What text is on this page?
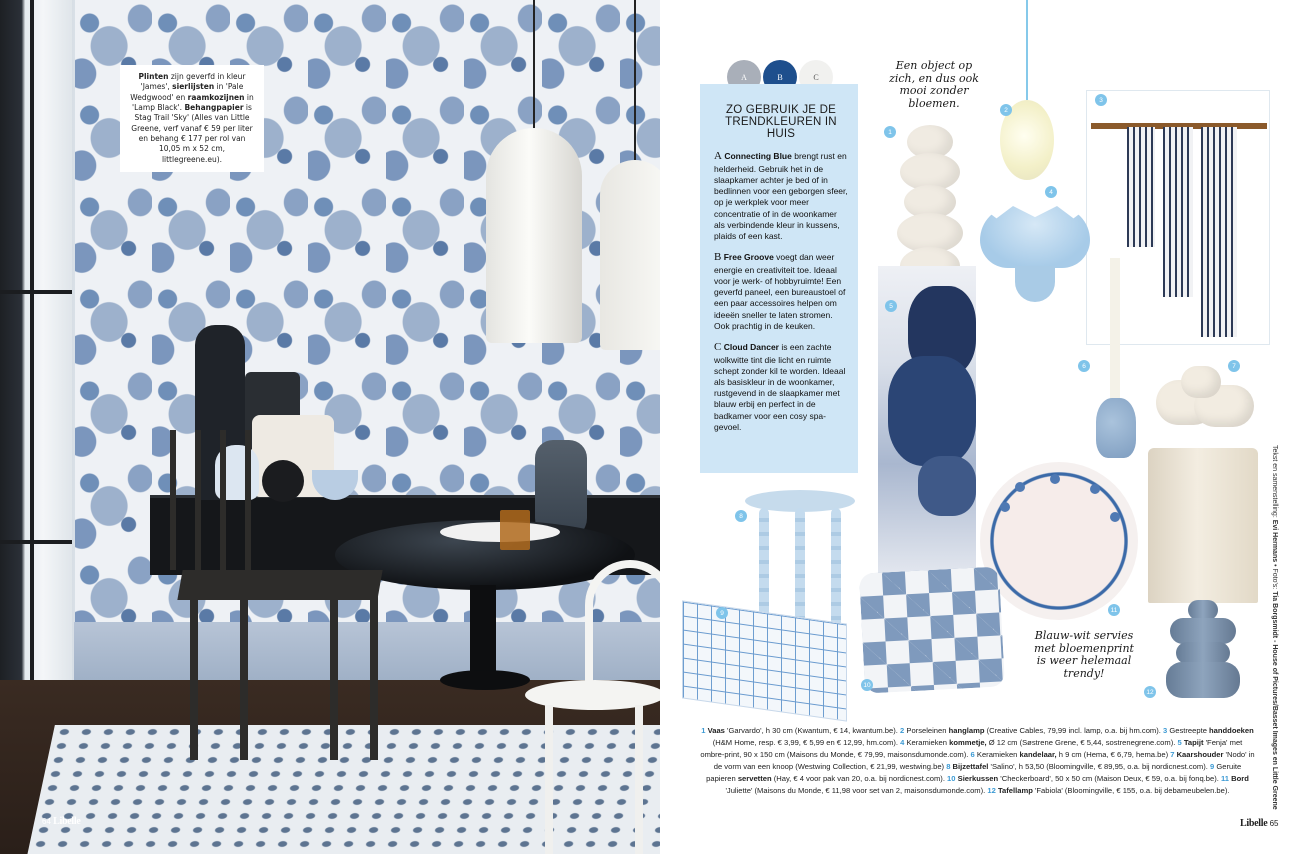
Plinten zijn geverfd in kleur 'James', sierlijsten in 'Pale Wedgwood' en raamkozijnen in 'Lamp Black'. Behangpapier is Stag Trail 'Sky' (Alles van Little Greene, verf vanaf € 59 per liter en behang € 177 per rol van 10,05 m x 52 cm, littlegreene.eu).
64 Libelle
A	B	C
ZO GEBRUIK JE DE TRENDKLEUREN IN HUIS

A Connecting Blue brengt rust en helderheid. Gebruik het in de slaapkamer achter je bed of in bedlinnen voor een geborgen sfeer, op je werkplek voor meer concentratie of in de woonkamer als verbindende kleur in kussens, plaids of een kast.

B Free Groove voegt dan weer energie en creativiteit toe. Ideaal voor je werk- of hobbyruimte! Een geverfd paneel, een bureaustoel of een paar accessoires helpen om ideeën sneller te laten stromen. Ook prachtig in de keuken.

C Cloud Dancer is een zachte wolkwitte tint die licht en ruimte schept zonder kil te worden. Ideaal als basiskleur in de woonkamer, rustgevend in de slaapkamer met blauw erbij en perfect in de badkamer voor een cosy spa-gevoel.

Een object op zich, en dus ook mooi zonder bloemen.
Blauw-wit servies met bloemenprint is weer helemaal trendy!
1
2
3
4
5
6	7
8
9
10
11
12
1 Vaas 'Garvardo', h 30 cm (Kwantum, € 14, kwantum.be). 2 Porseleinen hanglamp (Creative Cables, 79,99 incl. lamp, o.a. bij hm.com). 3 Gestreepte handdoeken (H&M Home, resp. € 3,99, € 5,99 en € 12,99, hm.com). 4 Keramieken kommetje, Ø 12 cm (Søstrene Grene, € 5,44, sostrenegrene.com). 5 Tapijt 'Fenja' met ombre-print, 90 x 150 cm (Maisons du Monde, € 79,99, maisonsdumonde.com). 6 Keramieken kandelaar, h 9 cm (Hema, € 6,79, hema.be) 7 Kaarshouder 'Nodo' in de vorm van een knoop (Westwing Collection, € 21,99, westwing.be) 8 Bijzettafel 'Salino', h 53,50 (Bloomingville, € 89,95, o.a. bij nordicnest.com). 9 Geruite papieren servetten (Hay, € 4 voor pak van 20, o.a. bij nordicnest.com). 10 Sierkussen 'Checkerboard', 50 x 50 cm (Maison Deux, € 59, o.a. bij fonq.be). 11 Bord 'Juliette' (Maisons du Monde, € 11,98 voor set van 2, maisonsdumonde.com). 12 Tafellamp 'Fabiola' (Bloomingville, € 155, o.a. bij debameubelen.be).
Tekst en samenstelling: Evi Hermans • Foto's: Tia Borgsmidt - House of Pictures/Basset Images en Little Greene
Libelle 65
